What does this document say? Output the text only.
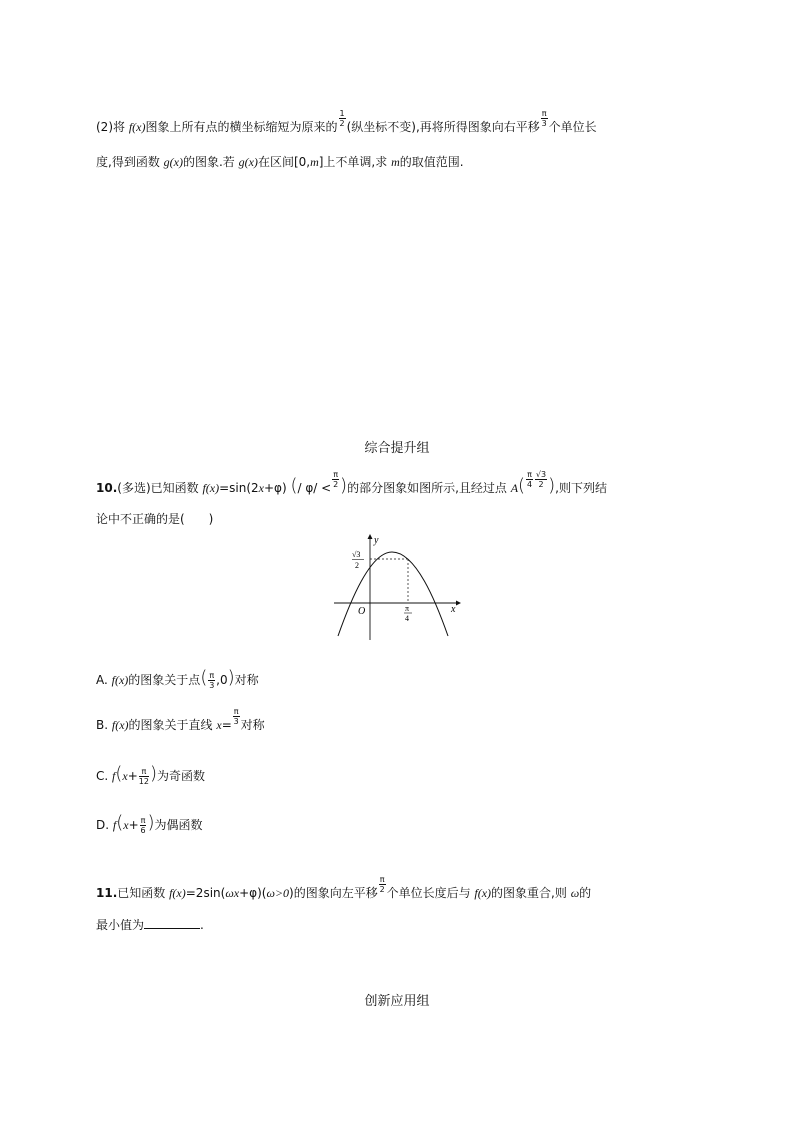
(2)将 f(x)图象上所有点的横坐标缩短为原来的 $\frac{1}{2}$ (纵坐标不变),再将所得图象向右平移 $\frac{\pi}{3}$ 个单位长
度,得到函数 g(x)的图象.若 g(x)在区间[0,m]上不单调,求 m的取值范围.
综合提升组
10.(多选)已知函数 f(x)=sin(2x+φ) (/ $\varphi/ < \frac{\pi}{2}$ )的部分图象如图所示,且经过点 $A( \frac{\pi}{4} \frac{√3}{2}$ ),则下列结
论中不正确的是(　　)
y
x
O
√3
2
π
4
A. f(x)的图象关于点( $\frac{\pi}{3} ,0$)对称
B. f(x)的图象关于直线 $x= \frac{\pi}{3}$ 对称
C. $f(x+ \frac{\pi}{12}$ )为奇函数
D. $f(x+ \frac{\pi}{6}$ )为偶函数
11.已知函数 f(x)=2sin(ωx+φ)(ω>0)的图象向左平移 $\frac{\pi}{2}$ 个单位长度后与 f(x)的图象重合,则 ω的
最小值为	.
创新应用组
